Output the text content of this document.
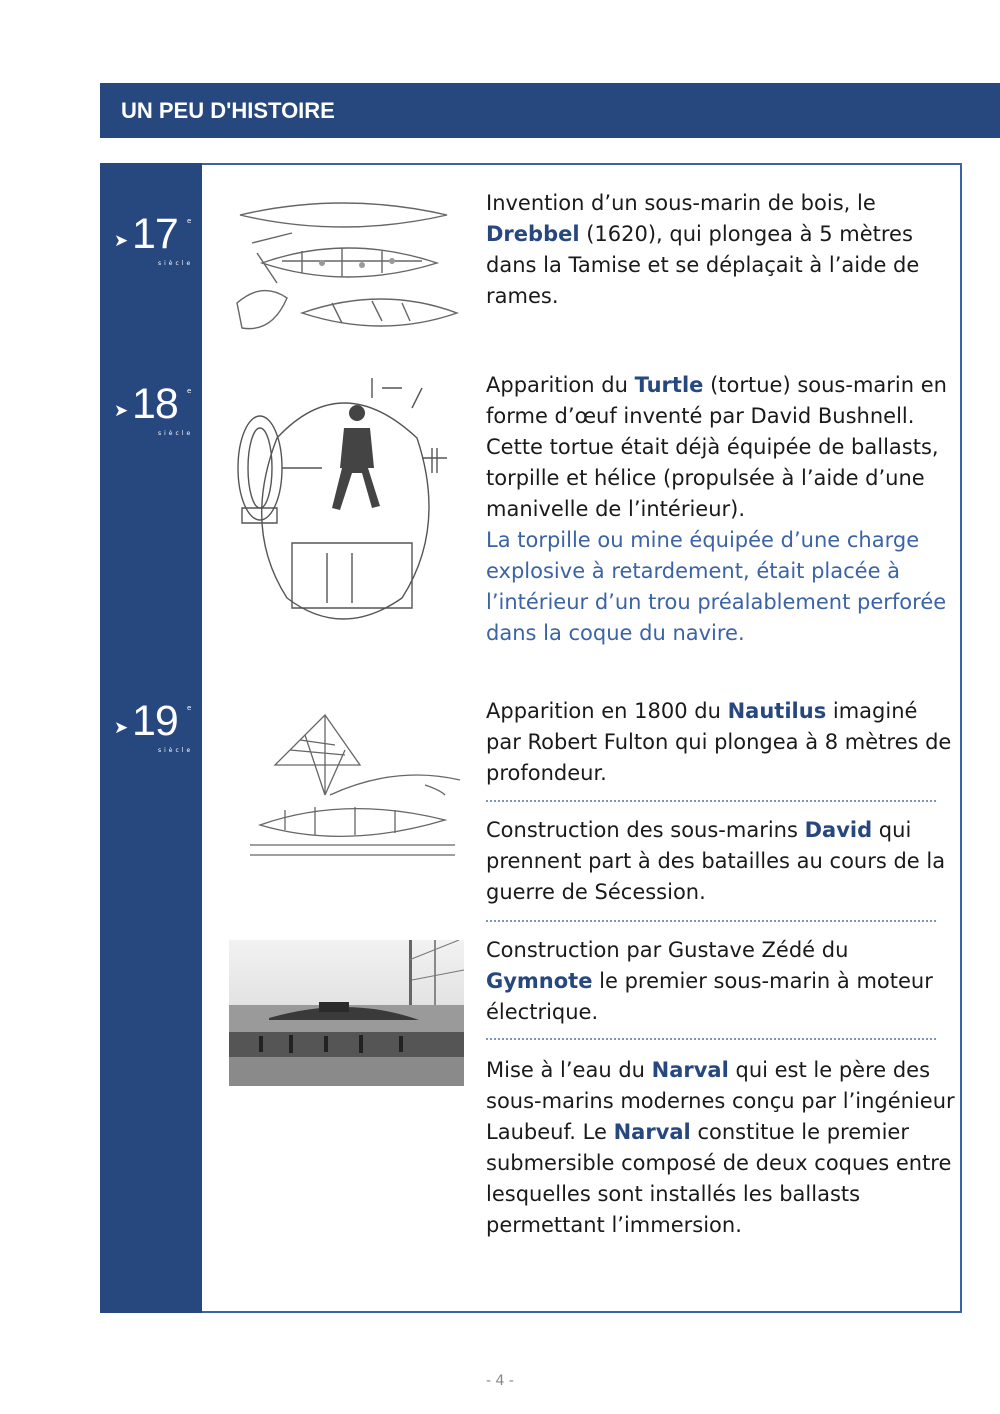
UN PEU D'HISTOIRE
➤ 17 e
siècle
➤ 18 e
siècle
➤ 19 e
siècle

Invention d’un sous-marin de bois, le Drebbel (1620), qui plongea à 5 mètres dans la Tamise et se déplaçait à l’aide de rames.

Apparition du Turtle (tortue) sous-marin en forme d’œuf inventé par David Bushnell. Cette tortue était déjà équipée de ballasts, torpille et hélice (propulsée à l’aide d’une manivelle de l’intérieur).

La torpille ou mine équipée d’une charge explosive à retardement, était placée à l’intérieur d’un trou préalablement perforée dans la coque du navire.

Apparition en 1800 du Nautilus imaginé par Robert Fulton qui plongea à 8 mètres de profondeur.

Construction des sous-marins David qui prennent part à des batailles au cours de la guerre de Sécession.

Construction par Gustave Zédé du Gymnote le premier sous-marin à moteur électrique.

Mise à l’eau du Narval qui est le père des sous-marins modernes conçu par l’ingénieur Laubeuf. Le Narval constitue le premier submersible composé de deux coques entre lesquelles sont installés les ballasts permettant l’immersion.

- 4 -
